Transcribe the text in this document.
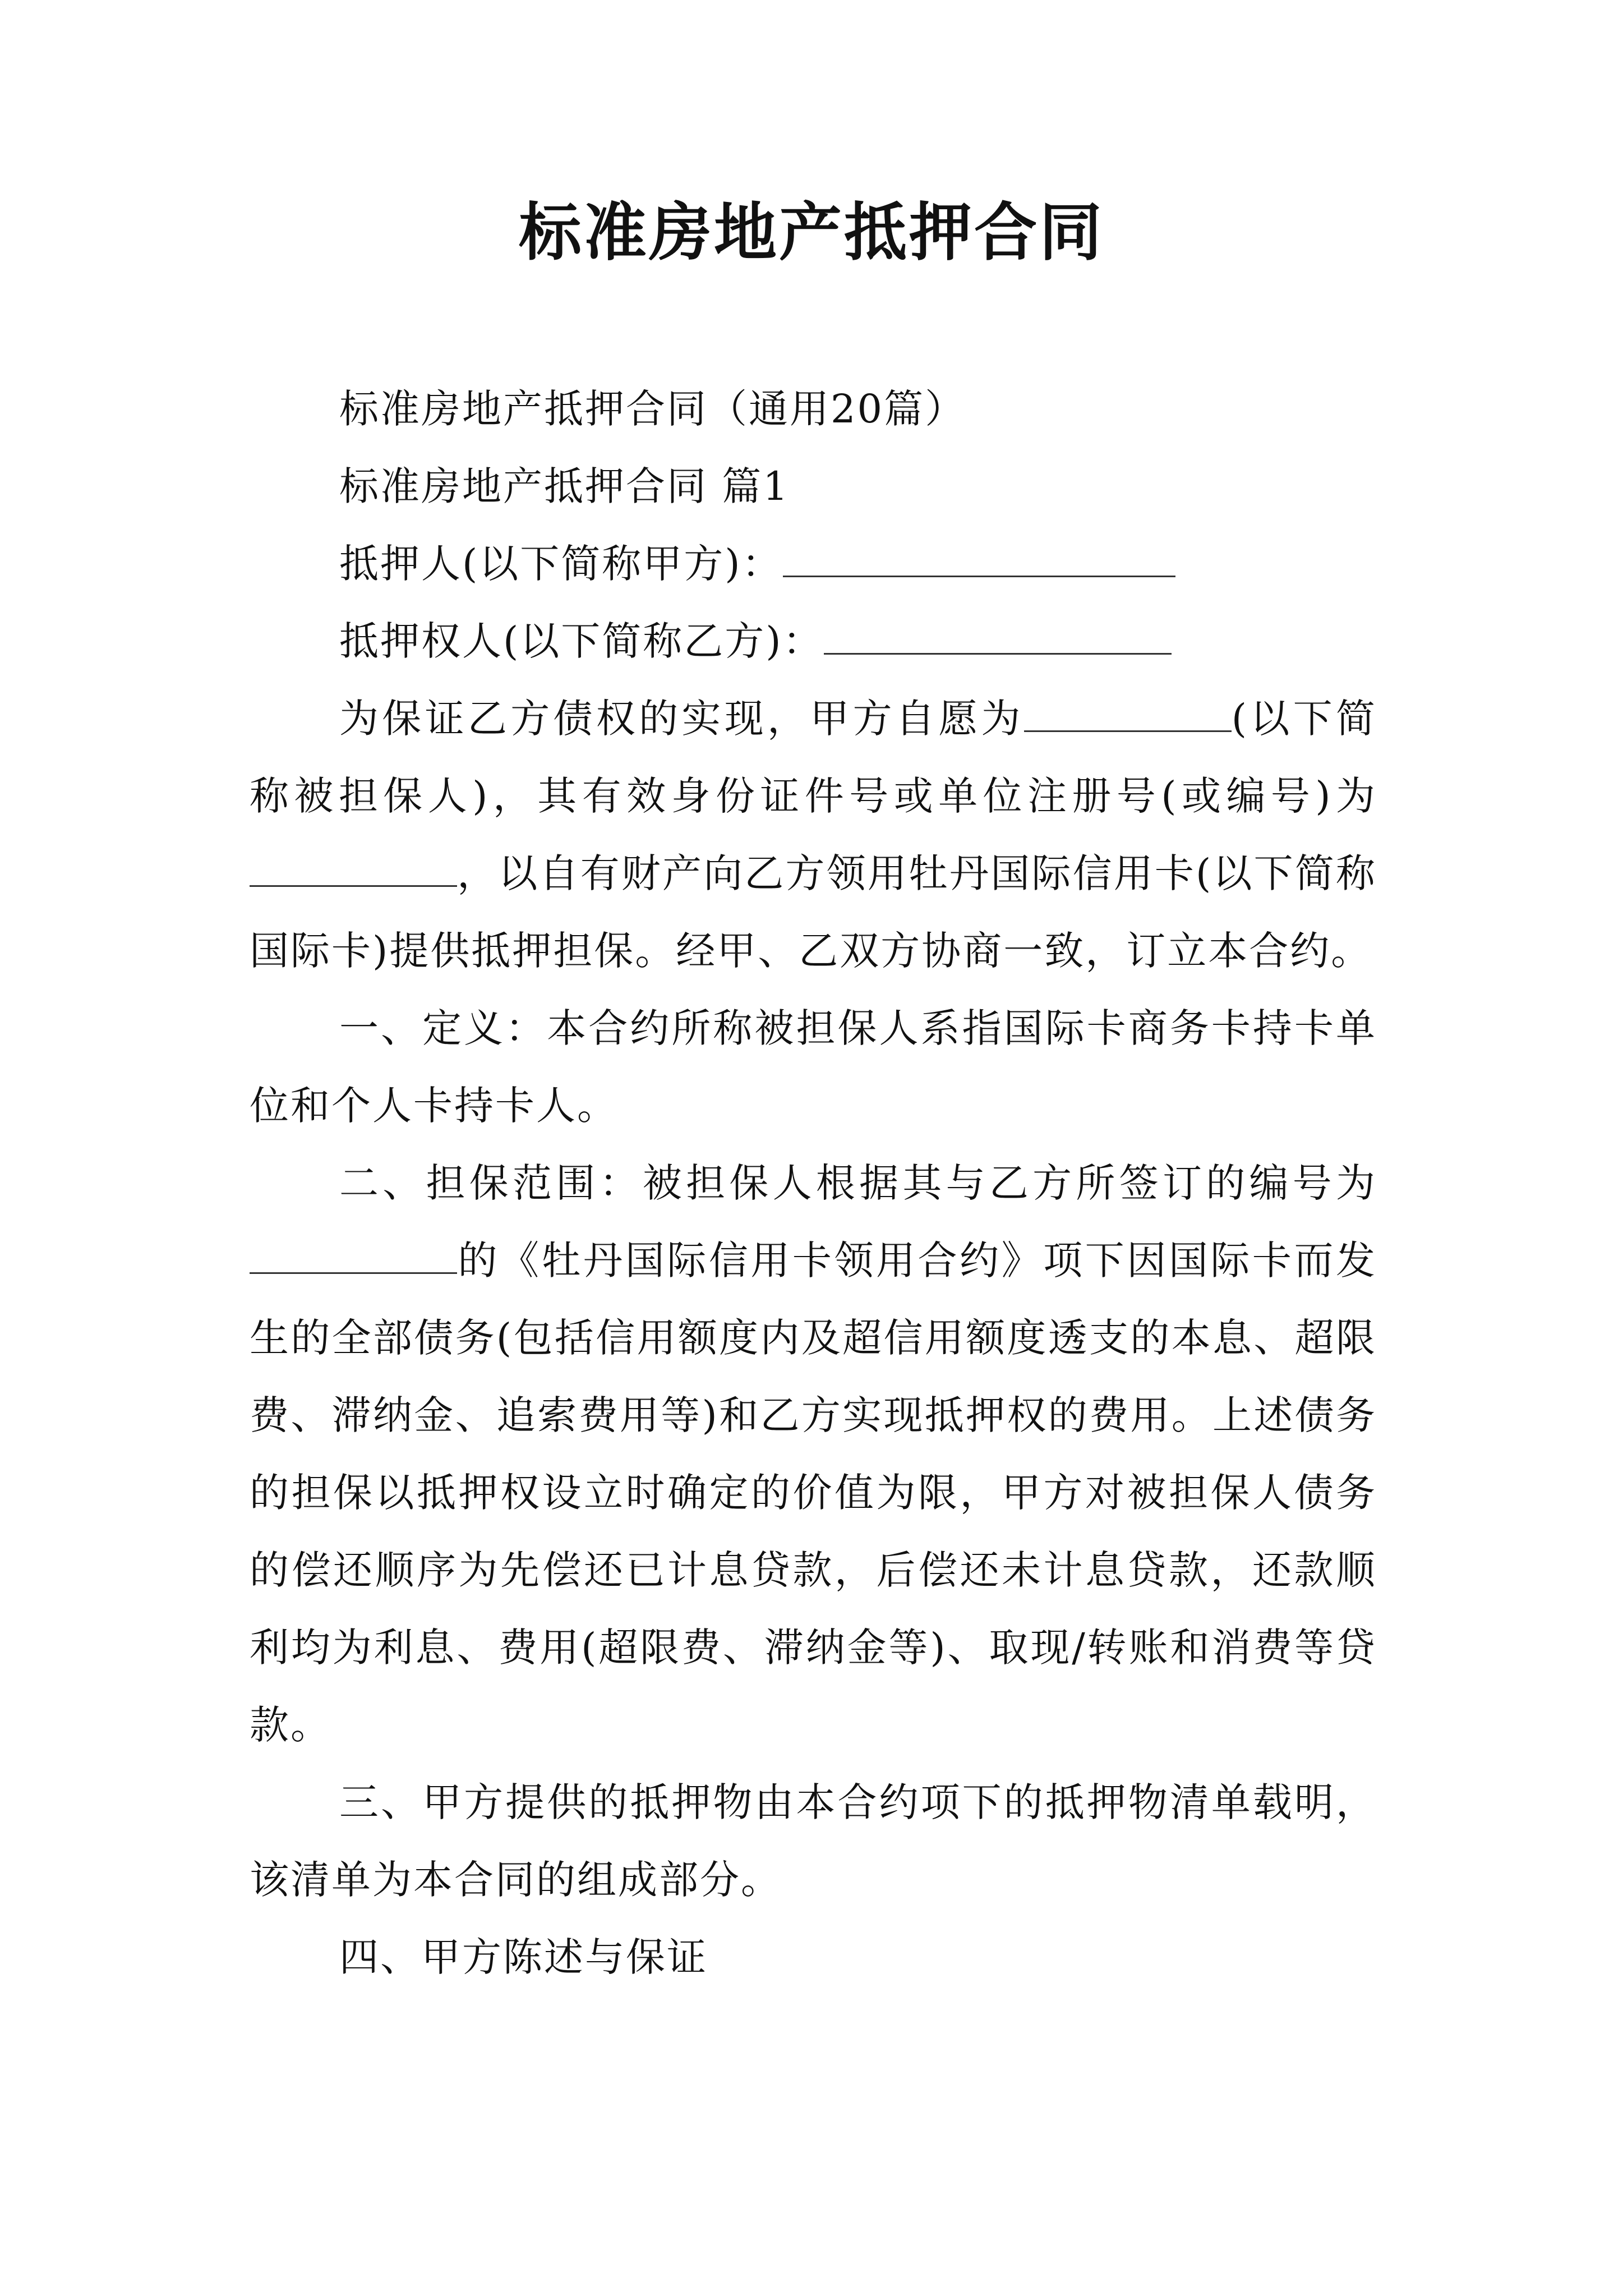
标准房地产抵押合同

标准房地产抵押合同（通用20篇）

标准房地产抵押合同 篇1

抵押人(以下简称甲方)：

抵押权人(以下简称乙方)：

为保证乙方债权的实现，甲方自愿为	(以下简称被担保人)，其有效身份证件号或单位注册号(或编号)为，以自有财产向乙方领用牡丹国际信用卡(以下简称国际卡)提供抵押担保。经甲、乙双方协商一致，订立本合约。

一、定义：本合约所称被担保人系指国际卡商务卡持卡单位和个人卡持卡人。

二、担保范围：被担保人根据其与乙方所签订的编号为的《牡丹国际信用卡领用合约》项下因国际卡而发生的全部债务(包括信用额度内及超信用额度透支的本息、超限费、滞纳金、追索费用等)和乙方实现抵押权的费用。上述债务的担保以抵押权设立时确定的价值为限，甲方对被担保人债务的偿还顺序为先偿还已计息贷款，后偿还未计息贷款，还款顺利均为利息、费用(超限费、滞纳金等)、取现/转账和消费等贷款。

三、甲方提供的抵押物由本合约项下的抵押物清单载明，该清单为本合同的组成部分。

四、甲方陈述与保证
